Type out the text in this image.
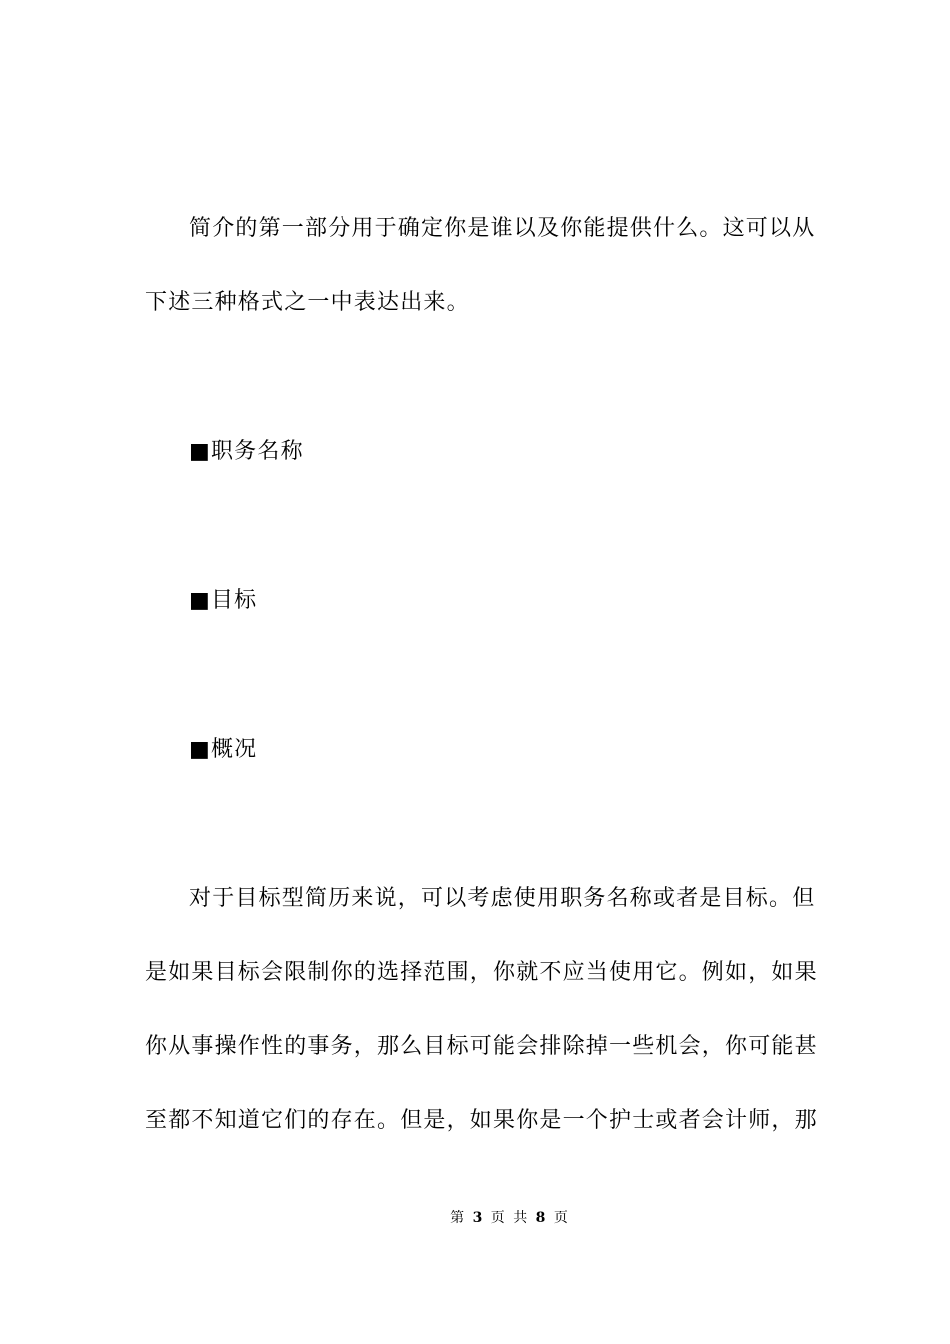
简介的第一部分用于确定你是谁以及你能提供什么。这可以从
下述三种格式之一中表达出来。
■职务名称
■目标
■概况
对于目标型简历来说，可以考虑使用职务名称或者是目标。但
是如果目标会限制你的选择范围，你就不应当使用它。例如，如果
你从事操作性的事务，那么目标可能会排除掉一些机会，你可能甚
至都不知道它们的存在。但是，如果你是一个护士或者会计师，那
第 3 页 共 8 页
